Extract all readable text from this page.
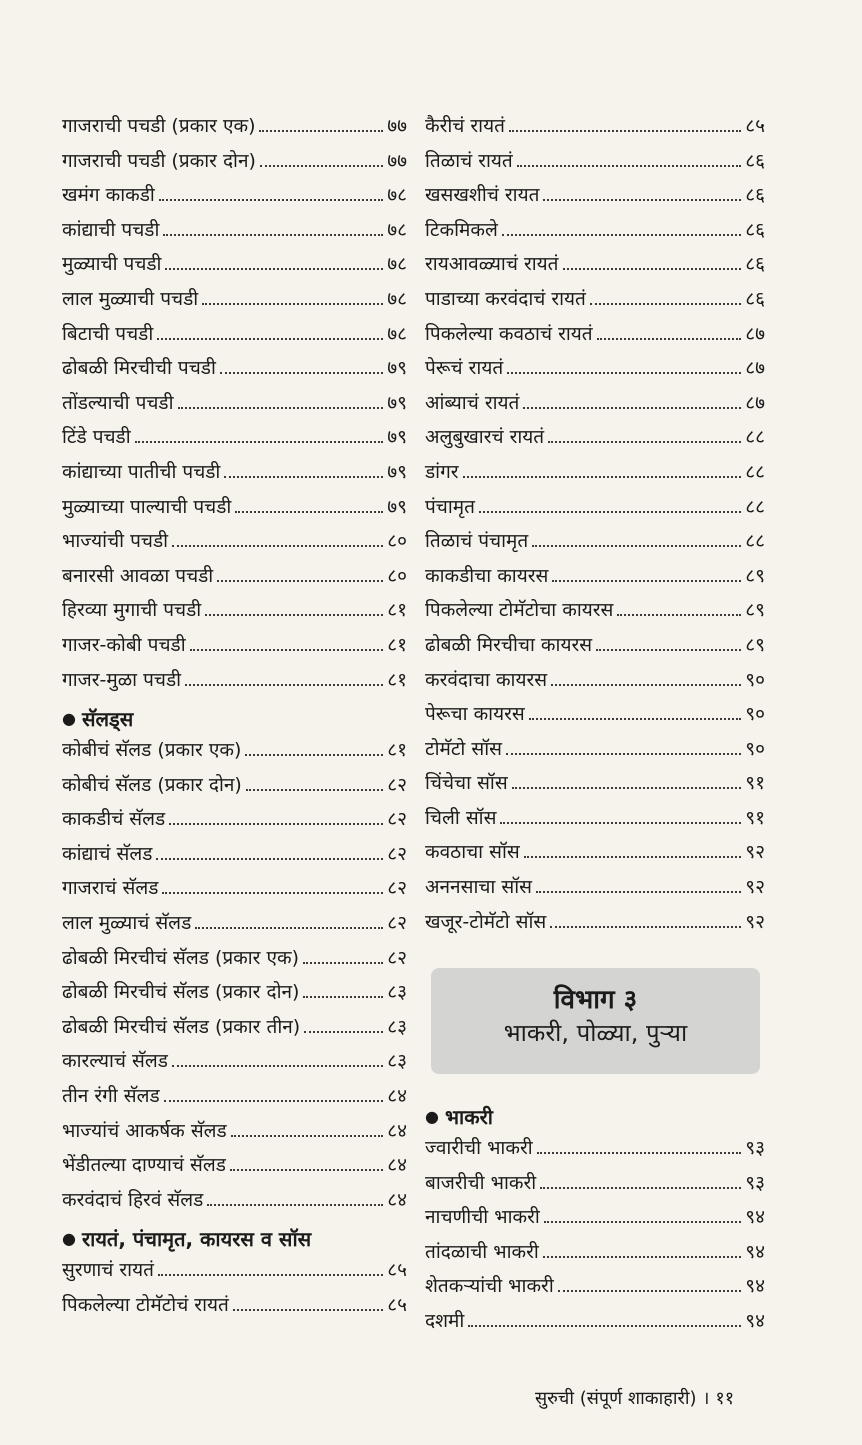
गाजराची पचडी (प्रकार एक)	७७
गाजराची पचडी (प्रकार दोन)	७७
खमंग काकडी	७८
कांद्याची पचडी	७८
मुळ्याची पचडी	७८
लाल मुळ्याची पचडी	७८
बिटाची पचडी	७८
ढोबळी मिरचीची पचडी	७९
तोंडल्याची पचडी	७९
टिंडे पचडी	७९
कांद्याच्या पातीची पचडी	७९
मुळ्याच्या पाल्याची पचडी	७९
भाज्यांची पचडी	८०
बनारसी आवळा पचडी	८०
हिरव्या मुगाची पचडी	८१
गाजर-कोबी पचडी	८१
गाजर-मुळा पचडी	८१
● सॅलड्स
कोबीचं सॅलड (प्रकार एक)	८१
कोबीचं सॅलड (प्रकार दोन)	८२
काकडीचं सॅलड	८२
कांद्याचं सॅलड	८२
गाजराचं सॅलड	८२
लाल मुळ्याचं सॅलड	८२
ढोबळी मिरचीचं सॅलड (प्रकार एक)	८२
ढोबळी मिरचीचं सॅलड (प्रकार दोन)	८३
ढोबळी मिरचीचं सॅलड (प्रकार तीन)	८३
कारल्याचं सॅलड	८३
तीन रंगी सॅलड	८४
भाज्यांचं आकर्षक सॅलड	८४
भेंडीतल्या दाण्याचं सॅलड	८४
करवंदाचं हिरवं सॅलड	८४
● रायतं, पंचामृत, कायरस व सॉस
सुरणाचं रायतं	८५
पिकलेल्या टोमॅटोचं रायतं	८५
कैरीचं रायतं	८५
तिळाचं रायतं	८६
खसखशीचं रायत	८६
टिकमिकले	८६
रायआवळ्याचं रायतं	८६
पाडाच्या करवंदाचं रायतं	८६
पिकलेल्या कवठाचं रायतं	८७
पेरूचं रायतं	८७
आंब्याचं रायतं	८७
अलुबुखारचं रायतं	८८
डांगर	८८
पंचामृत	८८
तिळाचं पंचामृत	८८
काकडीचा कायरस	८९
पिकलेल्या टोमॅटोचा कायरस	८९
ढोबळी मिरचीचा कायरस	८९
करवंदाचा कायरस	९०
पेरूचा कायरस	९०
टोमॅटो सॉस	९०
चिंचेचा सॉस	९१
चिली सॉस	९१
कवठाचा सॉस	९२
अननसाचा सॉस	९२
खजूर-टोमॅटो सॉस	९२
विभाग ३
भाकरी, पोळ्या, पुऱ्या
● भाकरी
ज्वारीची भाकरी	९३
बाजरीची भाकरी	९३
नाचणीची भाकरी	९४
तांदळाची भाकरी	९४
शेतकऱ्यांची भाकरी	९४
दशमी	९४
सुरुची (संपूर्ण शाकाहारी) । ११
